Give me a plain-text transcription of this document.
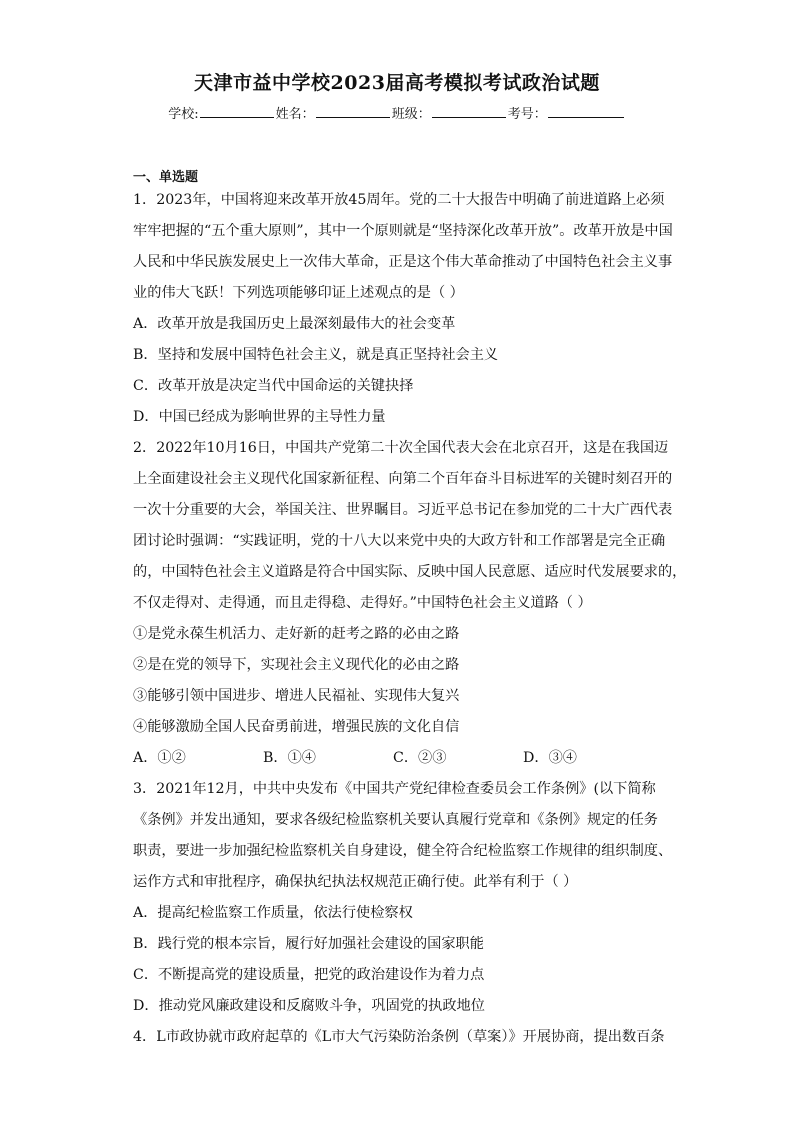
天津市益中学校2023届高考模拟考试政治试题
学校:	姓名：	班级：	考号：
一、单选题
1．2023年，中国将迎来改革开放45周年。党的二十大报告中明确了前进道路上必须
牢牢把握的“五个重大原则”，其中一个原则就是“坚持深化改革开放”。改革开放是中国
人民和中华民族发展史上一次伟大革命，正是这个伟大革命推动了中国特色社会主义事
业的伟大飞跃！下列选项能够印证上述观点的是（ ）
A．改革开放是我国历史上最深刻最伟大的社会变革
B．坚持和发展中国特色社会主义，就是真正坚持社会主义
C．改革开放是决定当代中国命运的关键抉择
D．中国已经成为影响世界的主导性力量
2．2022年10月16日，中国共产党第二十次全国代表大会在北京召开，这是在我国迈
上全面建设社会主义现代化国家新征程、向第二个百年奋斗目标进军的关键时刻召开的
一次十分重要的大会，举国关注、世界瞩目。习近平总书记在参加党的二十大广西代表
团讨论时强调：“实践证明，党的十八大以来党中央的大政方针和工作部署是完全正确
的，中国特色社会主义道路是符合中国实际、反映中国人民意愿、适应时代发展要求的，
不仅走得对、走得通，而且走得稳、走得好。”中国特色社会主义道路（ ）
①是党永葆生机活力、走好新的赶考之路的必由之路
②是在党的领导下，实现社会主义现代化的必由之路
③能够引领中国进步、增进人民福祉、实现伟大复兴
④能够激励全国人民奋勇前进，增强民族的文化自信
A．①②	B．①④	C．②③	D．③④
3．2021年12月，中共中央发布《中国共产党纪律检查委员会工作条例》(以下简称
《条例》并发出通知，要求各级纪检监察机关要认真履行党章和《条例》规定的任务
职责，要进一步加强纪检监察机关自身建设，健全符合纪检监察工作规律的组织制度、
运作方式和审批程序，确保执纪执法权规范正确行使。此举有利于（ ）
A．提高纪检监察工作质量，依法行使检察权
B．践行党的根本宗旨，履行好加强社会建设的国家职能
C．不断提高党的建设质量，把党的政治建设作为着力点
D．推动党风廉政建设和反腐败斗争，巩固党的执政地位
4．L市政协就市政府起草的《L市大气污染防治条例（草案）》开展协商，提出数百条
